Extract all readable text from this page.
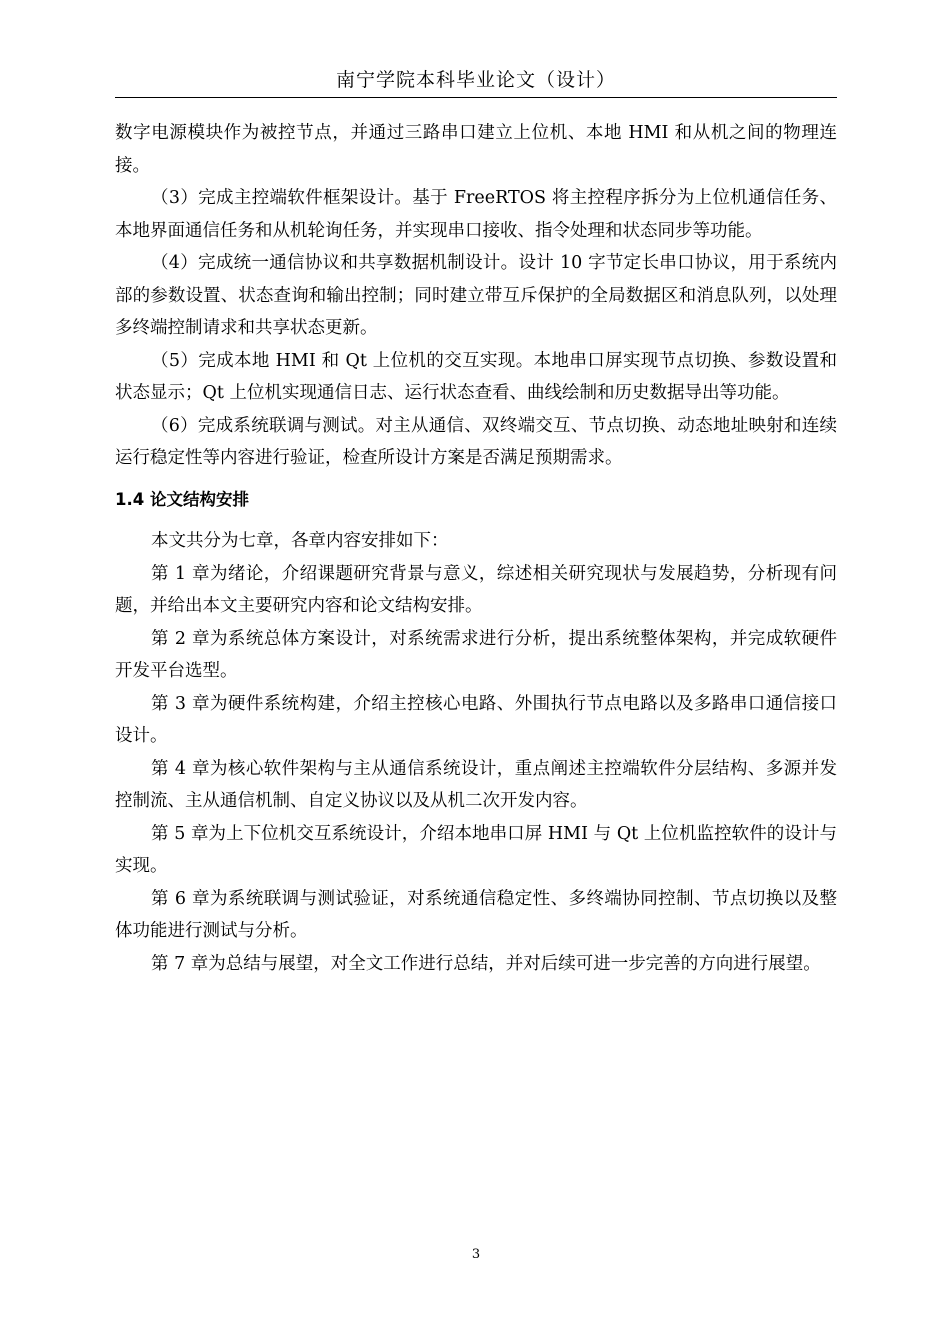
南宁学院本科毕业论文（设计）

数字电源模块作为被控节点，并通过三路串口建立上位机、本地 HMI 和从机之间的物理连接。

（3）完成主控端软件框架设计。基于 FreeRTOS 将主控程序拆分为上位机通信任务、本地界面通信任务和从机轮询任务，并实现串口接收、指令处理和状态同步等功能。

（4）完成统一通信协议和共享数据机制设计。设计 10 字节定长串口协议，用于系统内部的参数设置、状态查询和输出控制；同时建立带互斥保护的全局数据区和消息队列，以处理多终端控制请求和共享状态更新。

（5）完成本地 HMI 和 Qt 上位机的交互实现。本地串口屏实现节点切换、参数设置和状态显示；Qt 上位机实现通信日志、运行状态查看、曲线绘制和历史数据导出等功能。

（6）完成系统联调与测试。对主从通信、双终端交互、节点切换、动态地址映射和连续运行稳定性等内容进行验证，检查所设计方案是否满足预期需求。

1.4 论文结构安排

本文共分为七章，各章内容安排如下：

第 1 章为绪论，介绍课题研究背景与意义，综述相关研究现状与发展趋势，分析现有问题，并给出本文主要研究内容和论文结构安排。

第 2 章为系统总体方案设计，对系统需求进行分析，提出系统整体架构，并完成软硬件开发平台选型。

第 3 章为硬件系统构建，介绍主控核心电路、外围执行节点电路以及多路串口通信接口设计。

第 4 章为核心软件架构与主从通信系统设计，重点阐述主控端软件分层结构、多源并发控制流、主从通信机制、自定义协议以及从机二次开发内容。

第 5 章为上下位机交互系统设计，介绍本地串口屏 HMI 与 Qt 上位机监控软件的设计与实现。

第 6 章为系统联调与测试验证，对系统通信稳定性、多终端协同控制、节点切换以及整体功能进行测试与分析。

第 7 章为总结与展望，对全文工作进行总结，并对后续可进一步完善的方向进行展望。

3
